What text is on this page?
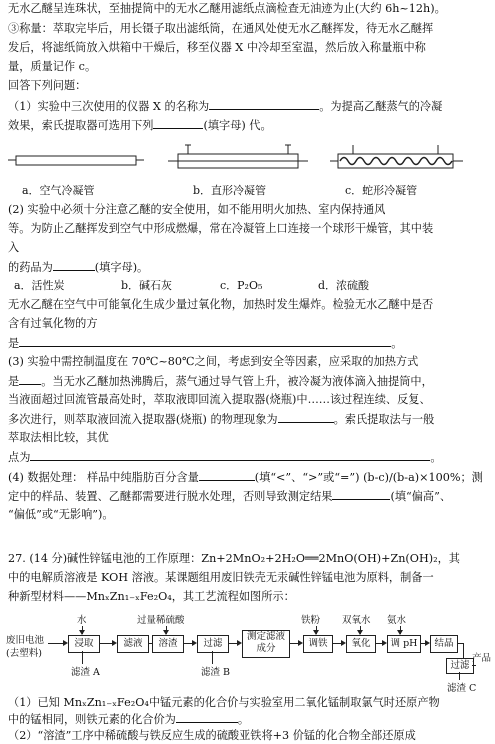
无水乙醚呈连珠状，至抽提筒中的无水乙醚用滤纸点滴检查无油迹为止(大约 6h~12h)。
③称量：萃取完毕后，用长镊子取出滤纸筒，在通风处使无水乙醚挥发，待无水乙醚挥
发后，将滤纸筒放入烘箱中干燥后，移至仪器 X 中冷却至室温，然后放入称量瓶中称
量，质量记作 c。
回答下列问题：
（1）实验中三次使用的仪器 X 的名称为	。为提高乙醚蒸气的冷凝
效果，索氏提取器可选用下列	(填字母) 代。
a．空气冷凝管	b．直形冷凝管	c．蛇形冷凝管
(2) 实验中必须十分注意乙醚的安全使用，如不能用明火加热、室内保持通风
等。为防止乙醚挥发到空气中形成燃爆，常在冷凝管上口连接一个球形干燥管，其中装
入
的药品为	(填字母)。
a．活性炭	b．碱石灰	c．P₂O₅	d．浓硫酸
无水乙醚在空气中可能氧化生成少量过氧化物，加热时发生爆炸。检验无水乙醚中是否
含有过氧化物的方
是	。
(3) 实验中需控制温度在 70℃~80℃之间，考虑到安全等因素，应采取的加热方式
是 。当无水乙醚加热沸腾后，蒸气通过导气管上升，被冷凝为液体滴入抽提筒中，
当液面超过回流管最高处时，萃取液即回流入提取器(烧瓶)中……该过程连续、反复、
多次进行，则萃取液回流入提取器(烧瓶) 的物理现象为	。索氏提取法与一般
萃取法相比较，其优
点为	。
(4) 数据处理： 样品中纯脂肪百分含量	(填“<”、“>”或“=”) (b-c)/(b-a)×100%；测
定中的样品、装置、乙醚都需要进行脱水处理，否则导致测定结果	(填“偏高”、
“偏低”或“无影响”)。
27. (14 分)碱性锌锰电池的工作原理：Zn+2MnO₂+2H₂O══2MnO(OH)+Zn(OH)₂，其
中的电解质溶液是 KOH 溶液。某课题组用废旧铁壳无汞碱性锌锰电池为原料，制备一
种新型材料——MnₓZn₁₋ₓFe₂O₄，其工艺流程如图所示：
废旧电池
(去塑料)
水
浸取	滤液
滤渣 A
过量稀硫酸
溶渣	过滤
滤渣 B
测定滤液
成分
铁粉
调铁
双氧水
氧化
氨水
调 pH	结晶
过滤
产品
滤渣 C
（1）已知 MnₓZn₁₋ₓFe₂O₄中锰元素的化合价与实验室用二氧化锰制取氯气时还原产物
中的锰相同，则铁元素的化合价为	。
（2）“溶渣”工序中稀硫酸与铁反应生成的硫酸亚铁将+3 价锰的化合物全部还原成
